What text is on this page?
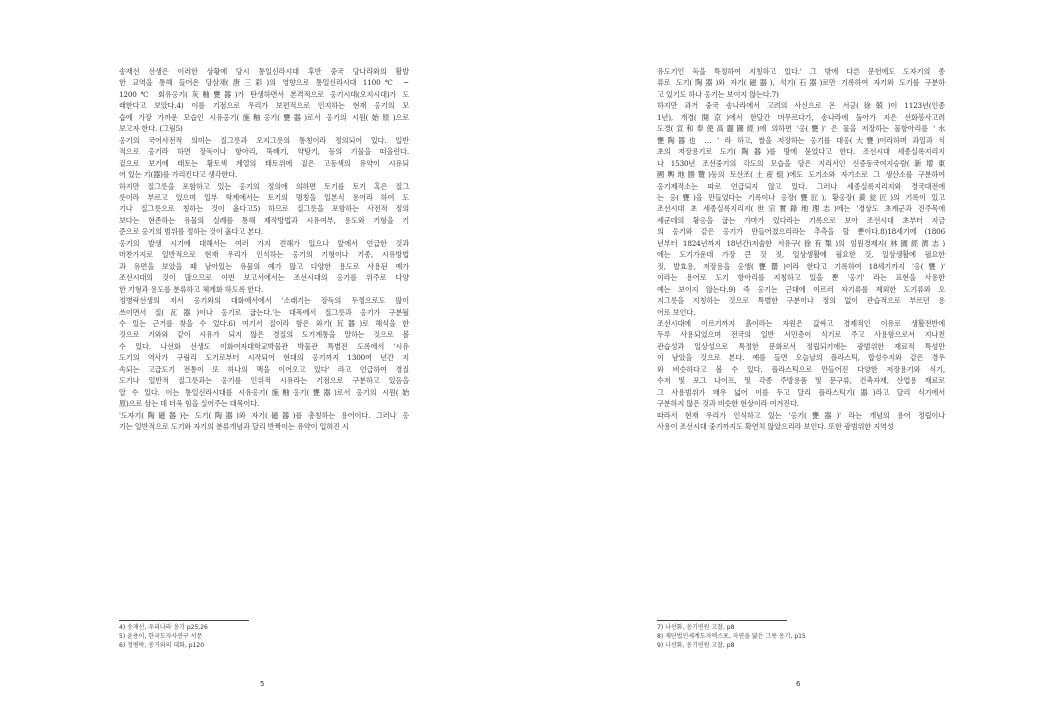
송재선 선생은 이러한 상황에 당시 통일신라시대 후반 중국 당나라와의 활발
한 교역을 통해 들어온 당삼채(唐三彩)의 영향으로 통일신라시대 1100℃ ~
1200℃ 회유옹기(灰釉甕器)가 탄생하면서 본격적으로 옹기시대(오지시대)가 도
래한다고 보았다.4) 이를 기점으로 우리가 보편적으로 인지하는 현재 옹기의 모
습에 가장 가까운 모습인 시유옹기(施釉옹기(甕器)로서 옹기의 시원(始原)으로
보고자 한다. (그림5)
옹기의 국어사전적 의미는 질그릇과 오지그릇의 통칭이라 정의되어 있다. 일반
적으로 옹기라 하면 장독이나 항아리, 뚝배기, 약탕기, 등의 기물을 떠올린다.
겉으로 보기에 태토는 황토색 계열의 태토위에 짙은 고동색의 유약이 시유되
어 있는 기(器)를 가리킨다고 생각한다.
하지만 질그릇을 포함하고 있는 옹기의 정의에 의하면 토기를 토기 혹은 질그
릇이라 부르고 있으며 일부 학계에서는 토기의 명칭을 일본식 용어라 하여 도
기나 질그릇으로 칭하는 것이 옳다고5) 하므로 질그릇을 포함하는 사전적 정의
보다는 현존하는 유물의 실례를 통해 제작방법과 시유여부, 용도와 기형을 기
준으로 옹기의 범위를 정하는 것이 옳다고 본다.
옹기의 발생 시기에 대해서는 여러 가지 견해가 있으나 앞에서 언급한 것과
마찬가지로 일반적으로 현재 우리가 인식하는 옹기의 기형이나 기종, 시유방법
과 유면을 보았을 때 남아있는 유물의 예가 많고 다양한 용도로 사용된 예가
조선시대의 것이 많으므로 이번 보고서에서는 조선시대의 옹기를 위주로 다양
한 기형과 용도를 분류하고 체계화 하도록 한다.
정병락선생의 저서 옹기와의 대화에서에서 '소래기는 장독의 두껑으로도 많이
쓰이면서 질(瓦器)이나 옹기로 굽는다.'는 대목에서 질그릇과 옹기가 구분될
수 있는 근거를 찾을 수 있다.6) 여기서 질이라 함은 와기(瓦器)로 해석을 한
것으로 기와와 같이 시유가 되지 않은 경질의 도기계통을 말하는 것으로 볼
수 있다. 나선화 선생도 이화여자대학교박물관 박물관 특별전 도록에서 '시유
도기의 역사가 구림리 도기로부터 시작되어 현대의 옹기까지 1300여 년간 지
속되는 고급도기 전통이 또 하나의 맥을 이어오고 있다' 라고 언급하여 경질
도기나 일반적 질그릇과는 옹기를 인위적 시유라는 기점으로 구분하고 있음을
알 수 있다. 이는 통일신라시대를 시유옹기(施釉옹기(甕器)로서 옹기의 시원(始
原)으로 삼는 데 더욱 힘을 실어주는 대목이다.
'도자기(陶磁器)는 도기(陶器)와 자기(磁器)를 총칭하는 용어이다. 그러나 옹
기는 일반적으로 도기와 자기의 분류개념과 달리 반짝이는 유약이 입혀진 시
4) 송재선, 우리나라 옹기 p25,26
5) 윤용이, 한국도자사연구 서문
6) 정병락, 옹기와의 대화, p120
5
유도기인 독을 특정하여 지칭하고 있다.' 그 밖에 다른 문헌에도 도자기의 종
류로 도기(陶器)와 자기(磁器), 석기(石器)로만 기록하여 자기와 도기를 구분하
고 있기도 하나 옹기는 보이지 않는다.7)
하지만 과거 중국 송나라에서 고려의 사신으로 온 서긍(徐兢)이 1123년(인종
1년), 개경(開京)에서 한달간 머무르다가, 송나라에 돌아가 지은 선화봉사고려
도경(宣和奉使高麗圖經)에 의하면 '옹(甕)' 은 물을 저장하는 물항아리를 '水
甕陶器也 … ' 라 하고, 쌀을 저장하는 옹기를 대옹(大甕)이라하며 과일과 식
초의 저장용기로 도기(陶器)를 땅에 묻었다고 한다. 조선시대 세종실록지리지
나 1530년 조선중기의 각도의 모습을 담은 지리서인 신증동국여지승람(新增東
國輿地勝覽)등의 토산조(土産組)에도 도기소와 자기소로 그 생산소를 구분하여
옹기제작소는 따로 언급되지 않고 있다. 그러나 세종실록지리지와 경국대전에
는 옹(甕)을 만들었다는 기록이나 옹장(甕匠), 황옹장(黃瓮匠)의 기록이 있고
조선시대 초 세종실록지리지(世宗實錄地理志)에는 '경상도 초계군과 진주목에
세군데의 황옹을 굽는 가마가 있다라는 기록으로 보아 조선시대 초부터 지금
의 옹기와 같은 옹기가 만들어졌으리라는 추측을 할 뿐이다.8)18세기에 (1806
년부터 1824년까지 18년간)저술한 서유구(徐有榘)의 임원경제지(林園經濟志)
에는 도기가운데 가장 큰 것 짓, 일상생활에 필요한 것, 일상생활에 필요한
짓, 발효용, 저장용을 옹앵(甕罌)이라 한다고 기록하여 18세기까지 '옹(甕)'
이라는 용어로 도기 항아리를 지칭하고 있을 뿐 '옹기' 라는 표현을 사용한
예는 보이지 않는다.9) 즉 옹기는 근대에 이르러 자기류를 제외한 도기류와 오
지그릇을 지칭하는 것으로 특별한 구분이나 정의 없이 관습적으로 부르던 용
어로 보인다.
조선시대에 이르기까지 흙이라는 자원은 값싸고 경제적인 이유로 생활전반에
두루 사용되었으며 전국의 일반 서민층이 식기로 주고 사용함으로서 지나친
관습성과 일상성으로 특정한 문화로서 정립되기에는 광범위한 재료적 특성만
이 남았을 것으로 본다. 예를 들면 오늘날의 플라스틱, 합성수지와 같은 경우
와 비슷하다고 볼 수 있다. 플라스틱으로 만들어진 다양한 저장용기와 식기,
수저 및 포그 나이프, 및 각종 주방용품 및 문구류, 건축자재, 산업용 재료로
그 사용범위가 매우 넓어 이를 두고 달리 플라스틱기(器)라고 달리 식기에서
구분하지 않은 것과 비슷한 현상이라 여겨진다.
따라서 현재 우리가 인식하고 있는 '옹기(甕器)' 라는 개념의 용어 정립이나
사용이 조선시대 중기까지도 확연치 않았으리라 보인다. 또한 광범위한 지역성
7) 나선화, 옹기연원 고찰, p8
8) 재단법인세계도자엑스포, 자연을 닮은 그릇 옹기, p15
9) 나선화, 옹기연원 고찰, p8
6
